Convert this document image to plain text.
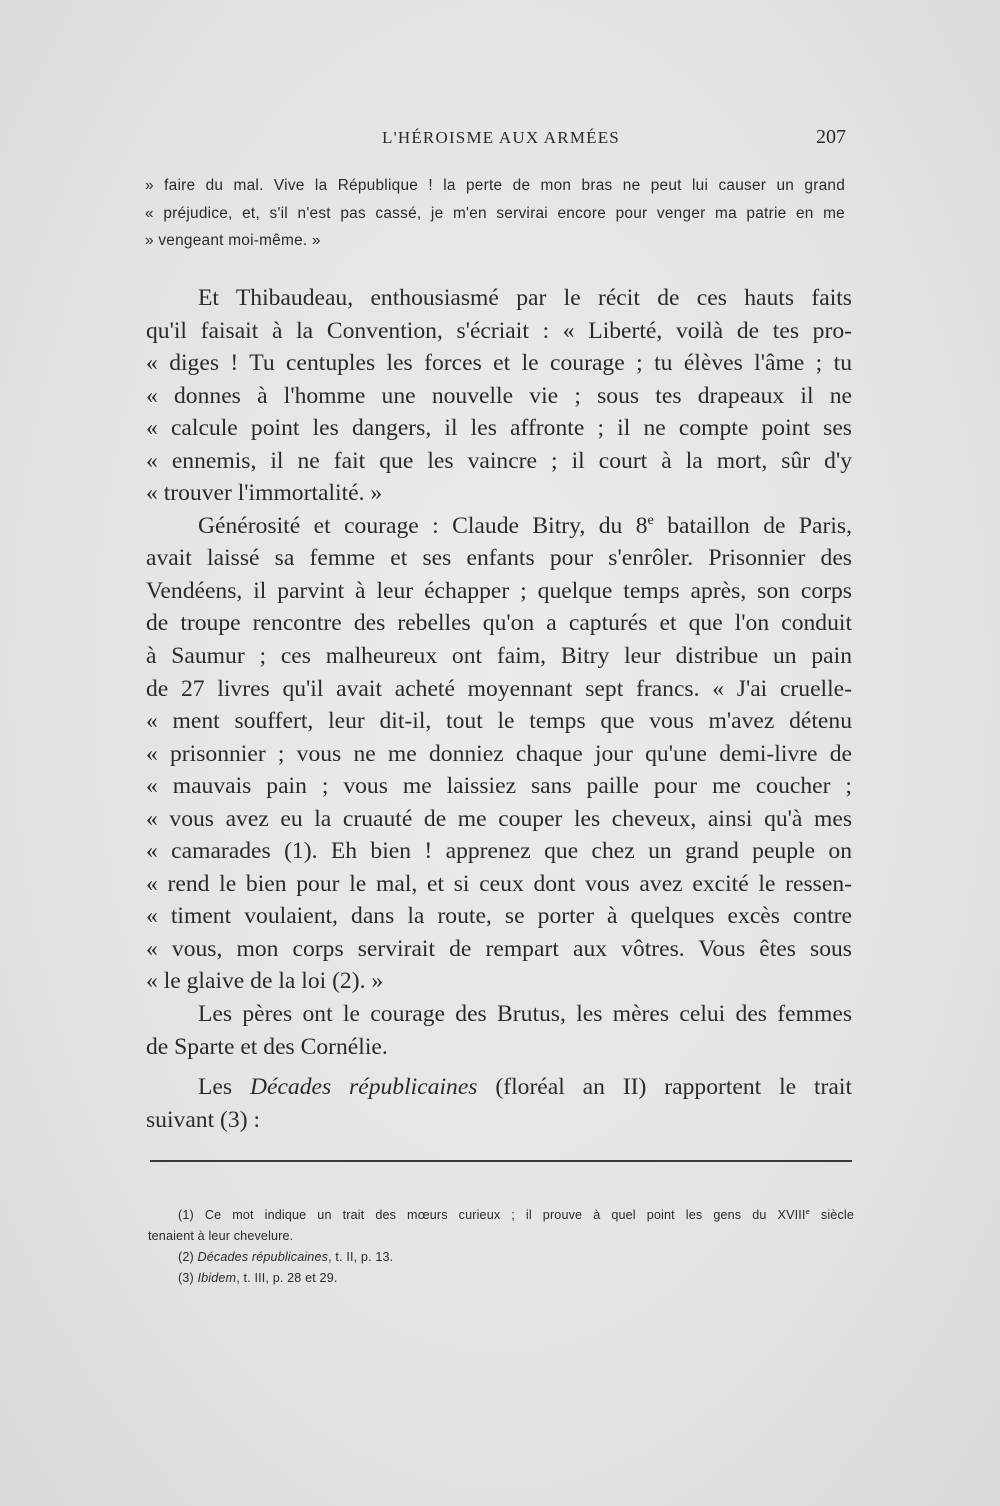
L'HÉROISME AUX ARMÉES	207
» faire du mal. Vive la République ! la perte de mon bras ne peut lui causer un grand
« préjudice, et, s'il n'est pas cassé, je m'en servirai encore pour venger ma patrie en me
» vengeant moi-même. »

Et Thibaudeau, enthousiasmé par le récit de ces hauts faits
qu'il faisait à la Convention, s'écriait : « Liberté, voilà de tes pro-
« diges ! Tu centuples les forces et le courage ; tu élèves l'âme ; tu
« donnes à l'homme une nouvelle vie ; sous tes drapeaux il ne
« calcule point les dangers, il les affronte ; il ne compte point ses
« ennemis, il ne fait que les vaincre ; il court à la mort, sûr d'y
« trouver l'immortalité. »

Générosité et courage : Claude Bitry, du 8e bataillon de Paris,
avait laissé sa femme et ses enfants pour s'enrôler. Prisonnier des
Vendéens, il parvint à leur échapper ; quelque temps après, son corps
de troupe rencontre des rebelles qu'on a capturés et que l'on conduit
à Saumur ; ces malheureux ont faim, Bitry leur distribue un pain
de 27 livres qu'il avait acheté moyennant sept francs. « J'ai cruelle-
« ment souffert, leur dit-il, tout le temps que vous m'avez détenu
« prisonnier ; vous ne me donniez chaque jour qu'une demi-livre de
« mauvais pain ; vous me laissiez sans paille pour me coucher ;
« vous avez eu la cruauté de me couper les cheveux, ainsi qu'à mes
« camarades (1). Eh bien ! apprenez que chez un grand peuple on
« rend le bien pour le mal, et si ceux dont vous avez excité le ressen-
« timent voulaient, dans la route, se porter à quelques excès contre
« vous, mon corps servirait de rempart aux vôtres. Vous êtes sous
« le glaive de la loi (2). »

Les pères ont le courage des Brutus, les mères celui des femmes
de Sparte et des Cornélie.

Les Décades républicaines (floréal an II) rapportent le trait
suivant (3) :

(1) Ce mot indique un trait des mœurs curieux ; il prouve à quel point les gens du XVIIIe siècle
tenaient à leur chevelure.
(2) Décades républicaines, t. II, p. 13.
(3) Ibidem, t. III, p. 28 et 29.
